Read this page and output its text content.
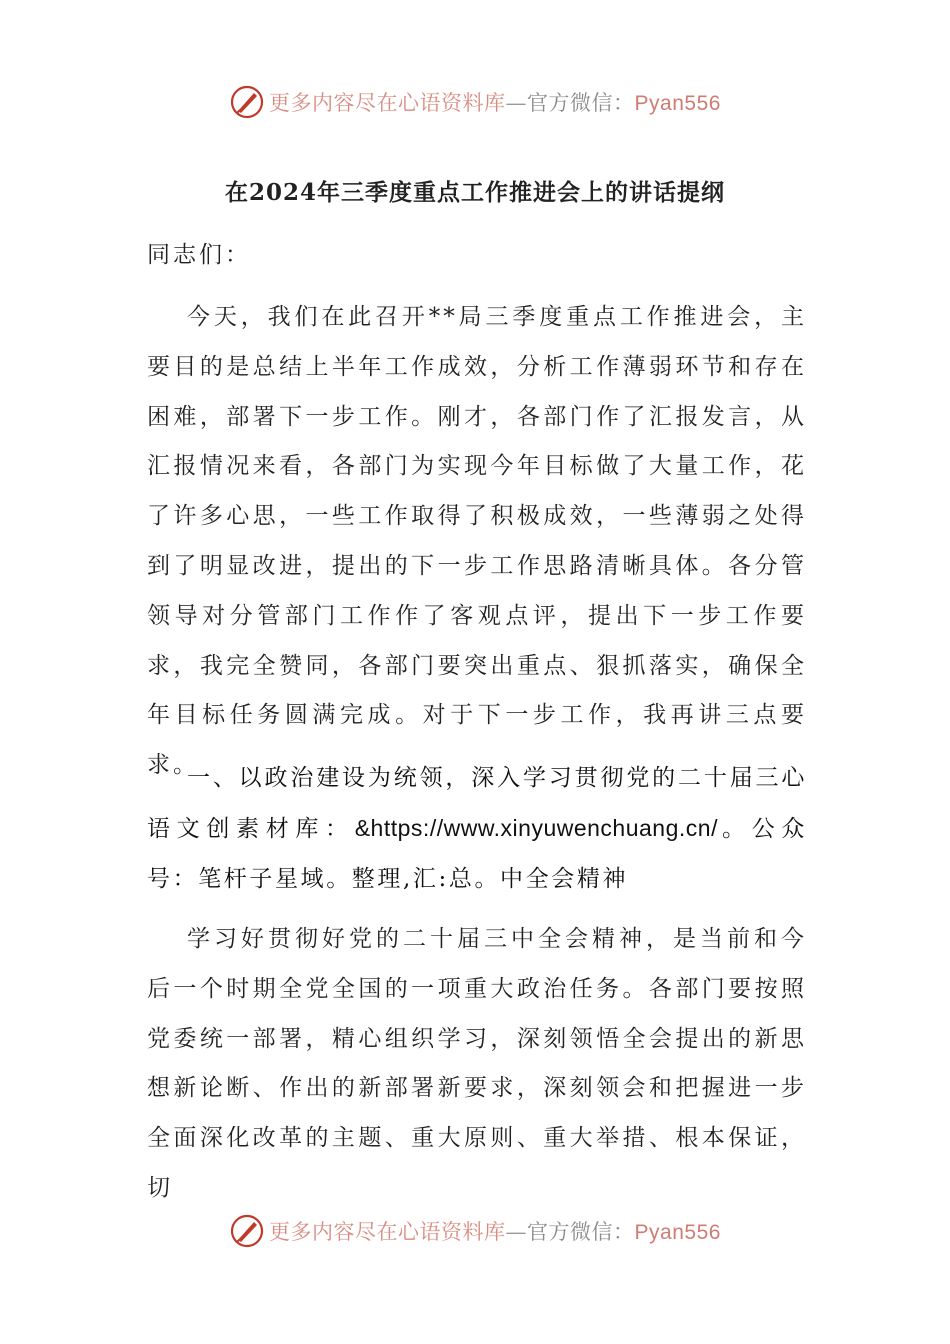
更多内容尽在心语资料库—官方微信：Pyan556
在2024年三季度重点工作推进会上的讲话提纲

同志们：

今天，我们在此召开**局三季度重点工作推进会，主要目的是总结上半年工作成效，分析工作薄弱环节和存在困难，部署下一步工作。刚才，各部门作了汇报发言，从汇报情况来看，各部门为实现今年目标做了大量工作，花了许多心思，一些工作取得了积极成效，一些薄弱之处得到了明显改进，提出的下一步工作思路清晰具体。各分管领导对分管部门工作作了客观点评，提出下一步工作要求，我完全赞同，各部门要突出重点、狠抓落实，确保全年目标任务圆满完成。对于下一步工作，我再讲三点要求。

一、以政治建设为统领，深入学习贯彻党的二十届三心语文创素材库：&https://www.xinyuwenchuang.cn/。公众号：笔杆子星域。整理,汇:总。中全会精神

学习好贯彻好党的二十届三中全会精神，是当前和今后一个时期全党全国的一项重大政治任务。各部门要按照党委统一部署，精心组织学习，深刻领悟全会提出的新思想新论断、作出的新部署新要求，深刻领会和把握进一步全面深化改革的主题、重大原则、重大举措、根本保证，切

更多内容尽在心语资料库—官方微信：Pyan556
